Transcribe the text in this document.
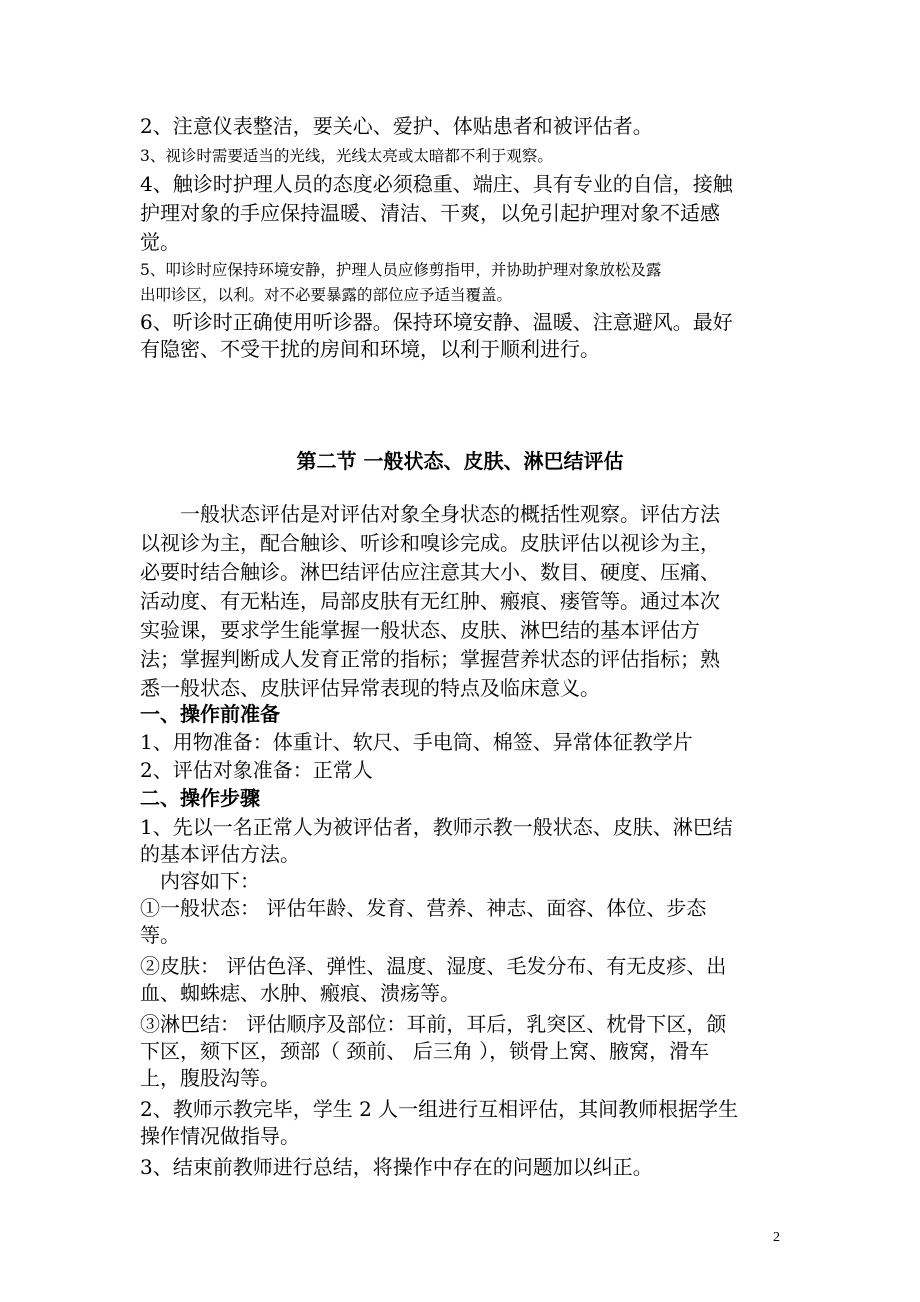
2、注意仪表整洁，要关心、爱护、体贴患者和被评估者。
3、视诊时需要适当的光线，光线太亮或太暗都不利于观察。
4、触诊时护理人员的态度必须稳重、端庄、具有专业的自信，接触
护理对象的手应保持温暖、清洁、干爽，以免引起护理对象不适感
觉。
5、叩诊时应保持环境安静，护理人员应修剪指甲，并协助护理对象放松及露
出叩诊区，以利。对不必要暴露的部位应予适当覆盖。
6、听诊时正确使用听诊器。保持环境安静、温暖、注意避风。最好
有隐密、不受干扰的房间和环境，以利于顺利进行。
第二节 一般状态、皮肤、淋巴结评估
　　一般状态评估是对评估对象全身状态的概括性观察。评估方法
以视诊为主，配合触诊、听诊和嗅诊完成。皮肤评估以视诊为主，
必要时结合触诊。淋巴结评估应注意其大小、数目、硬度、压痛、
活动度、有无粘连，局部皮肤有无红肿、瘢痕、瘘管等。通过本次
实验课，要求学生能掌握一般状态、皮肤、淋巴结的基本评估方
法；掌握判断成人发育正常的指标；掌握营养状态的评估指标；熟
悉一般状态、皮肤评估异常表现的特点及临床意义。
一、操作前准备
1、用物准备：体重计、软尺、手电筒、棉签、异常体征教学片
2、评估对象准备：正常人
二、操作步骤
1、先以一名正常人为被评估者，教师示教一般状态、皮肤、淋巴结
的基本评估方法。
　内容如下：
①一般状态： 评估年龄、发育、营养、神志、面容、体位、步态
等。
②皮肤： 评估色泽、弹性、温度、湿度、毛发分布、有无皮疹、出
血、蜘蛛痣、水肿、瘢痕、溃疡等。
③淋巴结： 评估顺序及部位：耳前，耳后，乳突区、枕骨下区，颌
下区，颏下区，颈部（ 颈前、 后三角 ），锁骨上窝、腋窝，滑车
上，腹股沟等。
2、教师示教完毕，学生 2 人一组进行互相评估，其间教师根据学生
操作情况做指导。
3、结束前教师进行总结，将操作中存在的问题加以纠正。
2
